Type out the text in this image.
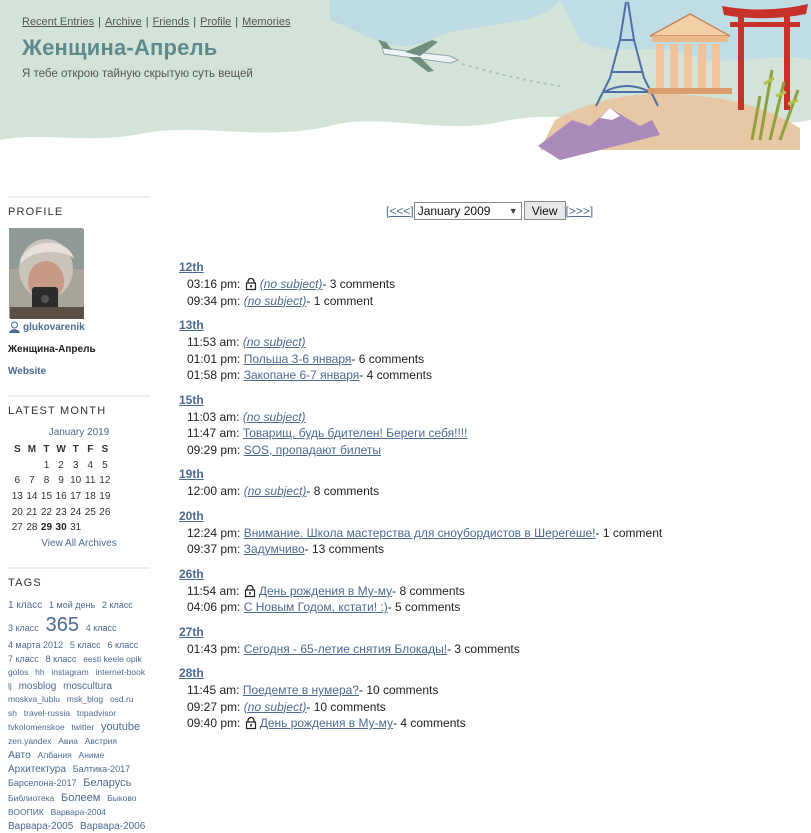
Recent Entries | Archive | Friends | Profile | Memories
Женщина-Апрель
Я тебе открою тайную скрытую суть вещей
PROFILE
glukovarenik
Женщина-Апрель
Website
LATEST MONTH
January 2019
S	M	T	W	T	F	S
		1	2	3	4	5
6	7	8	9	10	11	12
13	14	15	16	17	18	19
20	21	22	23	24	25	26
27	28	29	30	31		
View All Archives
TAGS
1 класс 1 мой день 2 класс 3 класс 365 4 класс 4 марта 2012 5 класс 6 класс 7 класс 8 класс eesti keele opik golos hh instagram internet-book lj mosblog moscultura moskva_lublu msk_blog osd.ru sh travel-russia tripadvisor tvkolomenskoe twitter youtube zen.yandex Авиа Австрия Авто Албания Аниме Архитектура Балтика-2017 Барселона-2017 Беларусь Библиотека Болеем Быково ВООПИК Варвара-2004 Варвара-2005 Варвара-2006
[<<<] January 2009 ▼	View [>>>]
12th
03:16 pm:
(no subject) - 3 comments
09:34 pm:
(no subject) - 1 comment
13th
11:53 am:
(no subject)
01:01 pm:
Польша 3-6 января - 6 comments
01:58 pm:
Закопане 6-7 января - 4 comments
15th
11:03 am:
(no subject)
11:47 am:
Товарищ, будь бдителен! Береги себя!!!!
09:29 pm:
SOS, пропадают билеты
19th
12:00 am:
(no subject) - 8 comments
20th
12:24 pm:
Внимание. Школа мастерства для сноубордистов в Шерегеше! - 1 comment
09:37 pm:
Задумчиво - 13 comments
26th
11:54 am:
День рождения в Му-му - 8 comments
04:06 pm:
С Новым Годом, кстати! :) - 5 comments
27th
01:43 pm:
Сегодня - 65-летие снятия Блокады! - 3 comments
28th
11:45 am:
Поедемте в нумера? - 10 comments
09:27 pm:
(no subject) - 10 comments
09:40 pm:
День рождения в Му-му - 4 comments
